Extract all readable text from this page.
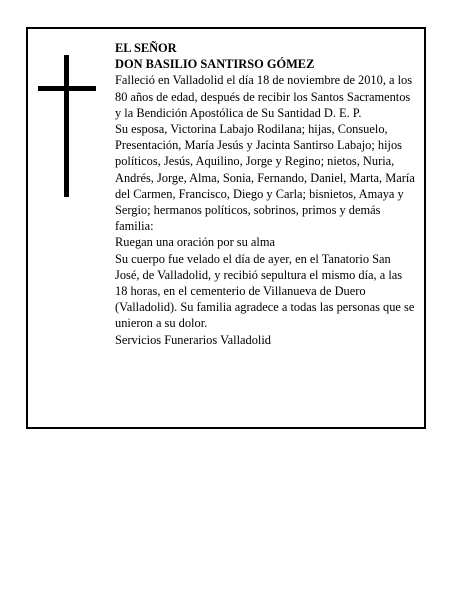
EL SEÑOR

DON BASILIO SANTIRSO GÓMEZ

Falleció en Valladolid el día 18 de noviembre de 2010, a los 80 años de edad, después de recibir los Santos Sacramentos y la Bendición Apostólica de Su Santidad D. E. P.

Su esposa, Victorina Labajo Rodilana; hijas, Consuelo, Presentación, María Jesús y Jacinta Santirso Labajo; hijos políticos, Jesús, Aquilino, Jorge y Regino; nietos, Nuria, Andrés, Jorge, Alma, Sonia, Fernando, Daniel, Marta, María del Carmen, Francisco, Diego y Carla; bisnietos, Amaya y Sergio; hermanos políticos, sobrinos, primos y demás familia:

Ruegan una oración por su alma

Su cuerpo fue velado el día de ayer, en el Tanatorio San José, de Valladolid, y recibió sepultura el mismo día, a las 18 horas, en el cementerio de Villanueva de Duero (Valladolid). Su familia agradece a todas las personas que se unieron a su dolor.

Servicios Funerarios Valladolid
